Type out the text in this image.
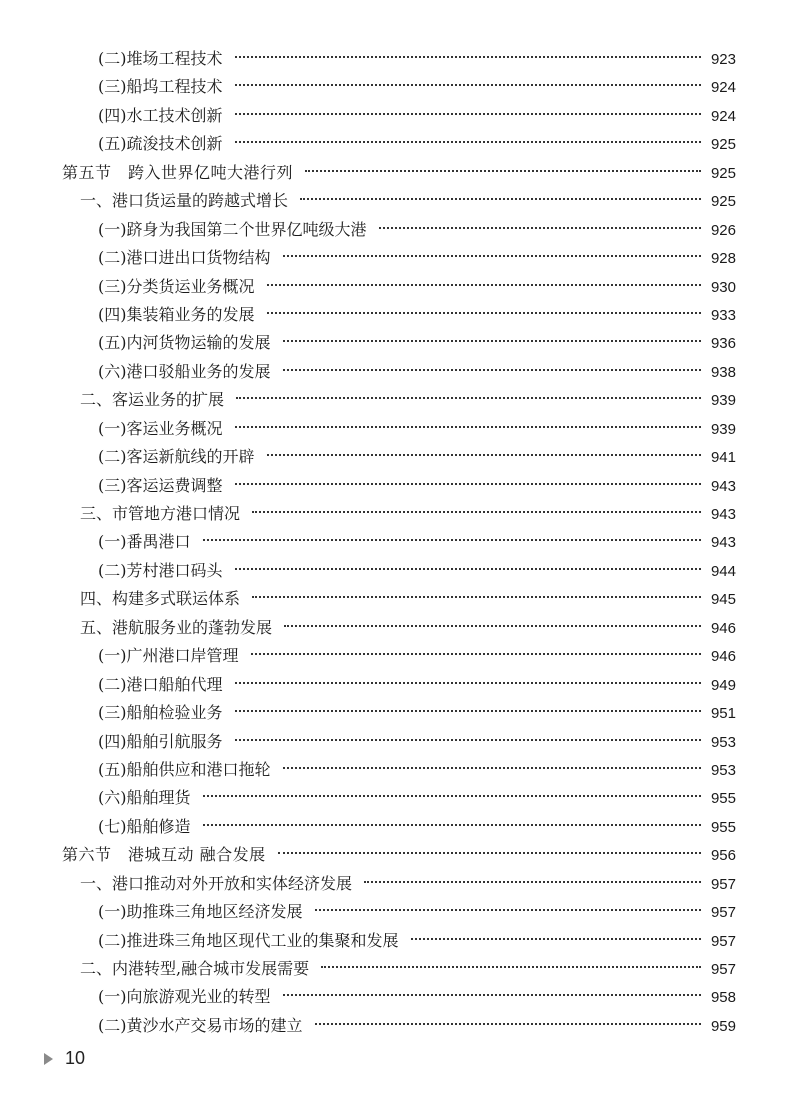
(二)堆场工程技术	923
(三)船坞工程技术	924
(四)水工技术创新	924
(五)疏浚技术创新	925
第五节　跨入世界亿吨大港行列	925
一、港口货运量的跨越式增长	925
(一)跻身为我国第二个世界亿吨级大港	926
(二)港口进出口货物结构	928
(三)分类货运业务概况	930
(四)集装箱业务的发展	933
(五)内河货物运输的发展	936
(六)港口驳船业务的发展	938
二、客运业务的扩展	939
(一)客运业务概况	939
(二)客运新航线的开辟	941
(三)客运运费调整	943
三、市管地方港口情况	943
(一)番禺港口	943
(二)芳村港口码头	944
四、构建多式联运体系	945
五、港航服务业的蓬勃发展	946
(一)广州港口岸管理	946
(二)港口船舶代理	949
(三)船舶检验业务	951
(四)船舶引航服务	953
(五)船舶供应和港口拖轮	953
(六)船舶理货	955
(七)船舶修造	955
第六节　港城互动 融合发展	956
一、港口推动对外开放和实体经济发展	957
(一)助推珠三角地区经济发展	957
(二)推进珠三角地区现代工业的集聚和发展	957
二、内港转型,融合城市发展需要	957
(一)向旅游观光业的转型	958
(二)黄沙水产交易市场的建立	959
10
